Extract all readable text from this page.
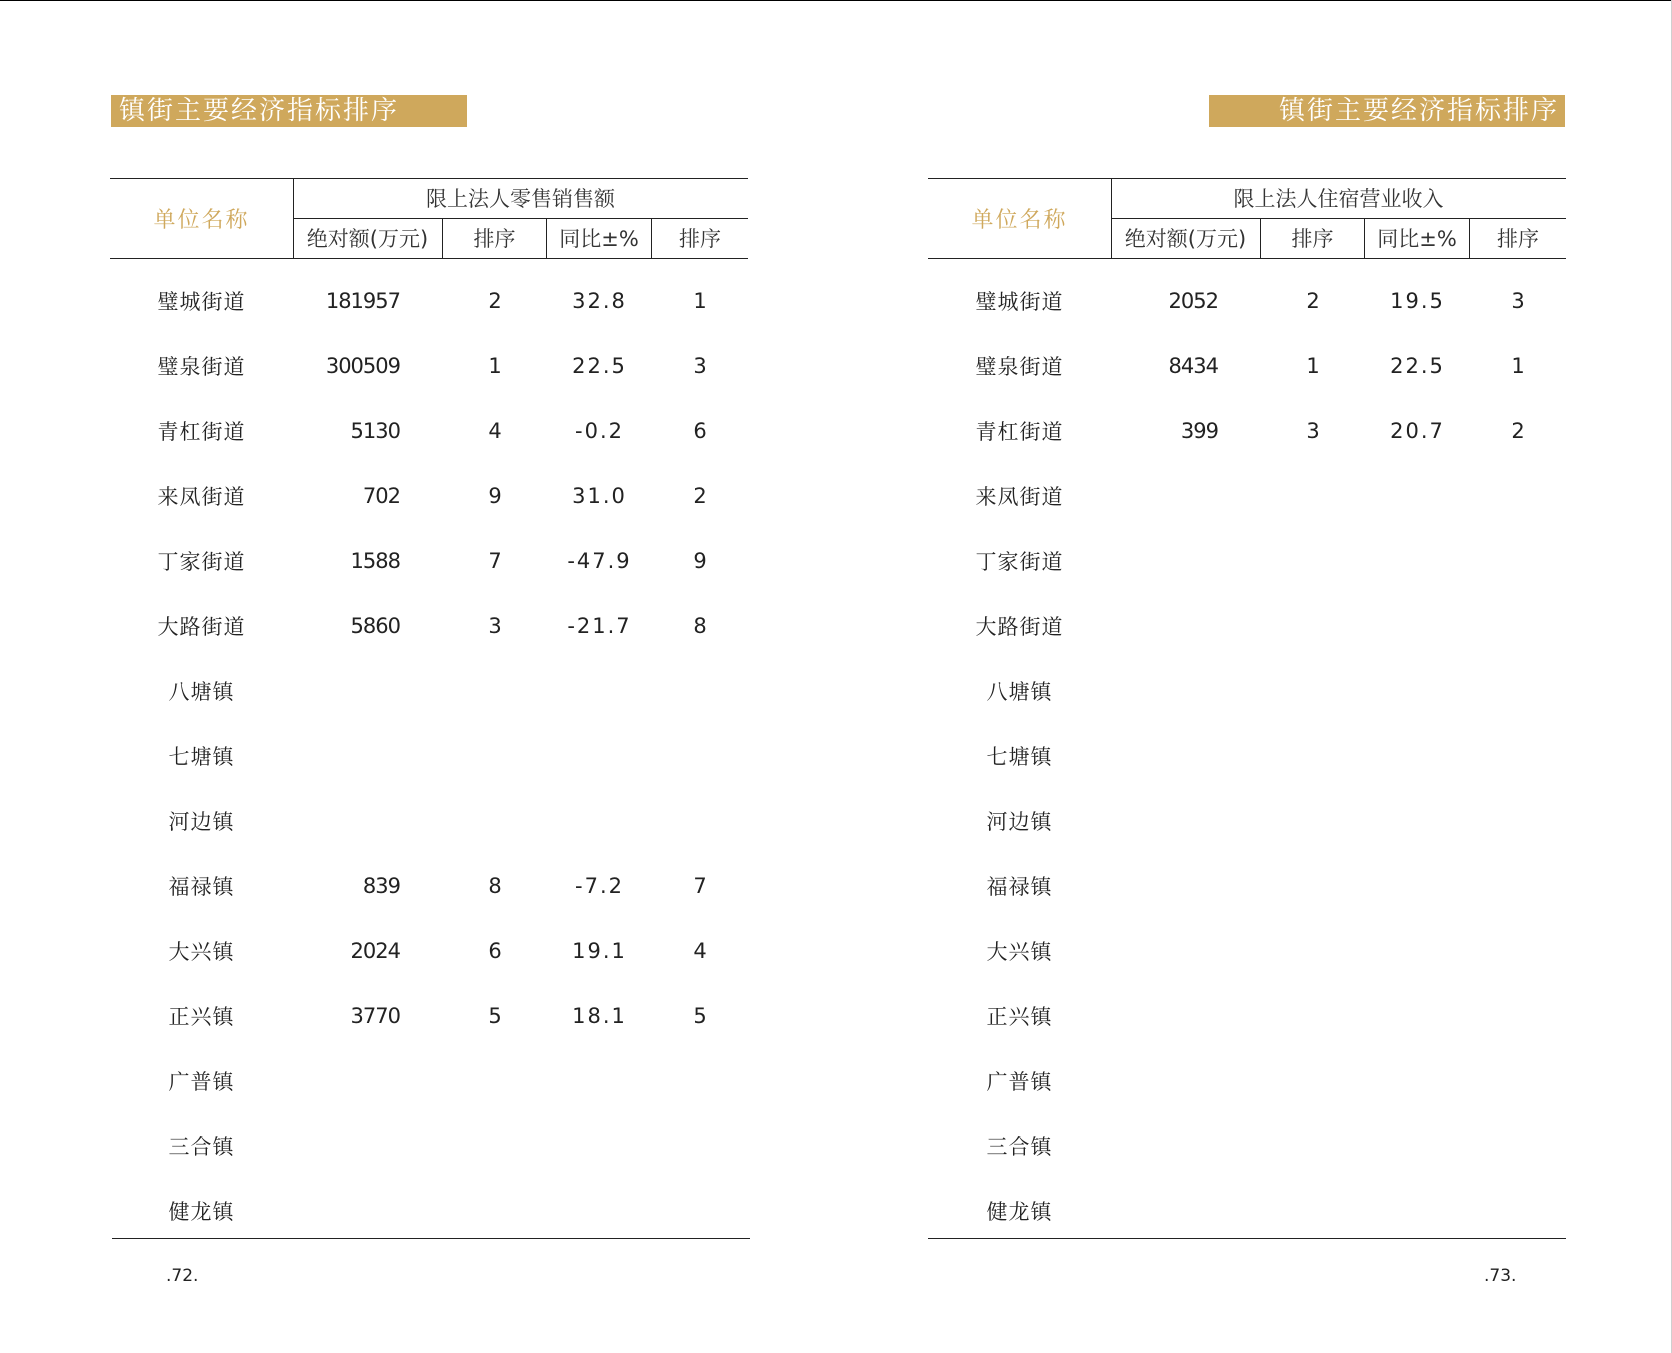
镇街主要经济指标排序
单位名称
限上法人零售销售额
绝对额(万元)	排序	同比±%	排序
璧城街道	181957	2	32.8	1
璧泉街道	300509	1	22.5	3
青杠街道	5130	4	-0.2	6
来凤街道	702	9	31.0	2
丁家街道	1588	7	-47.9	9
大路街道	5860	3	-21.7	8
八塘镇
七塘镇
河边镇
福禄镇	839	8	-7.2	7
大兴镇	2024	6	19.1	4
正兴镇	3770	5	18.1	5
广普镇
三合镇
健龙镇
.72.
镇街主要经济指标排序
单位名称
限上法人住宿营业收入
绝对额(万元)	排序	同比±%	排序
璧城街道	2052	2	19.5	3
璧泉街道	8434	1	22.5	1
青杠街道	399	3	20.7	2
来凤街道
丁家街道
大路街道
八塘镇
七塘镇
河边镇
福禄镇
大兴镇
正兴镇
广普镇
三合镇
健龙镇
.73.
